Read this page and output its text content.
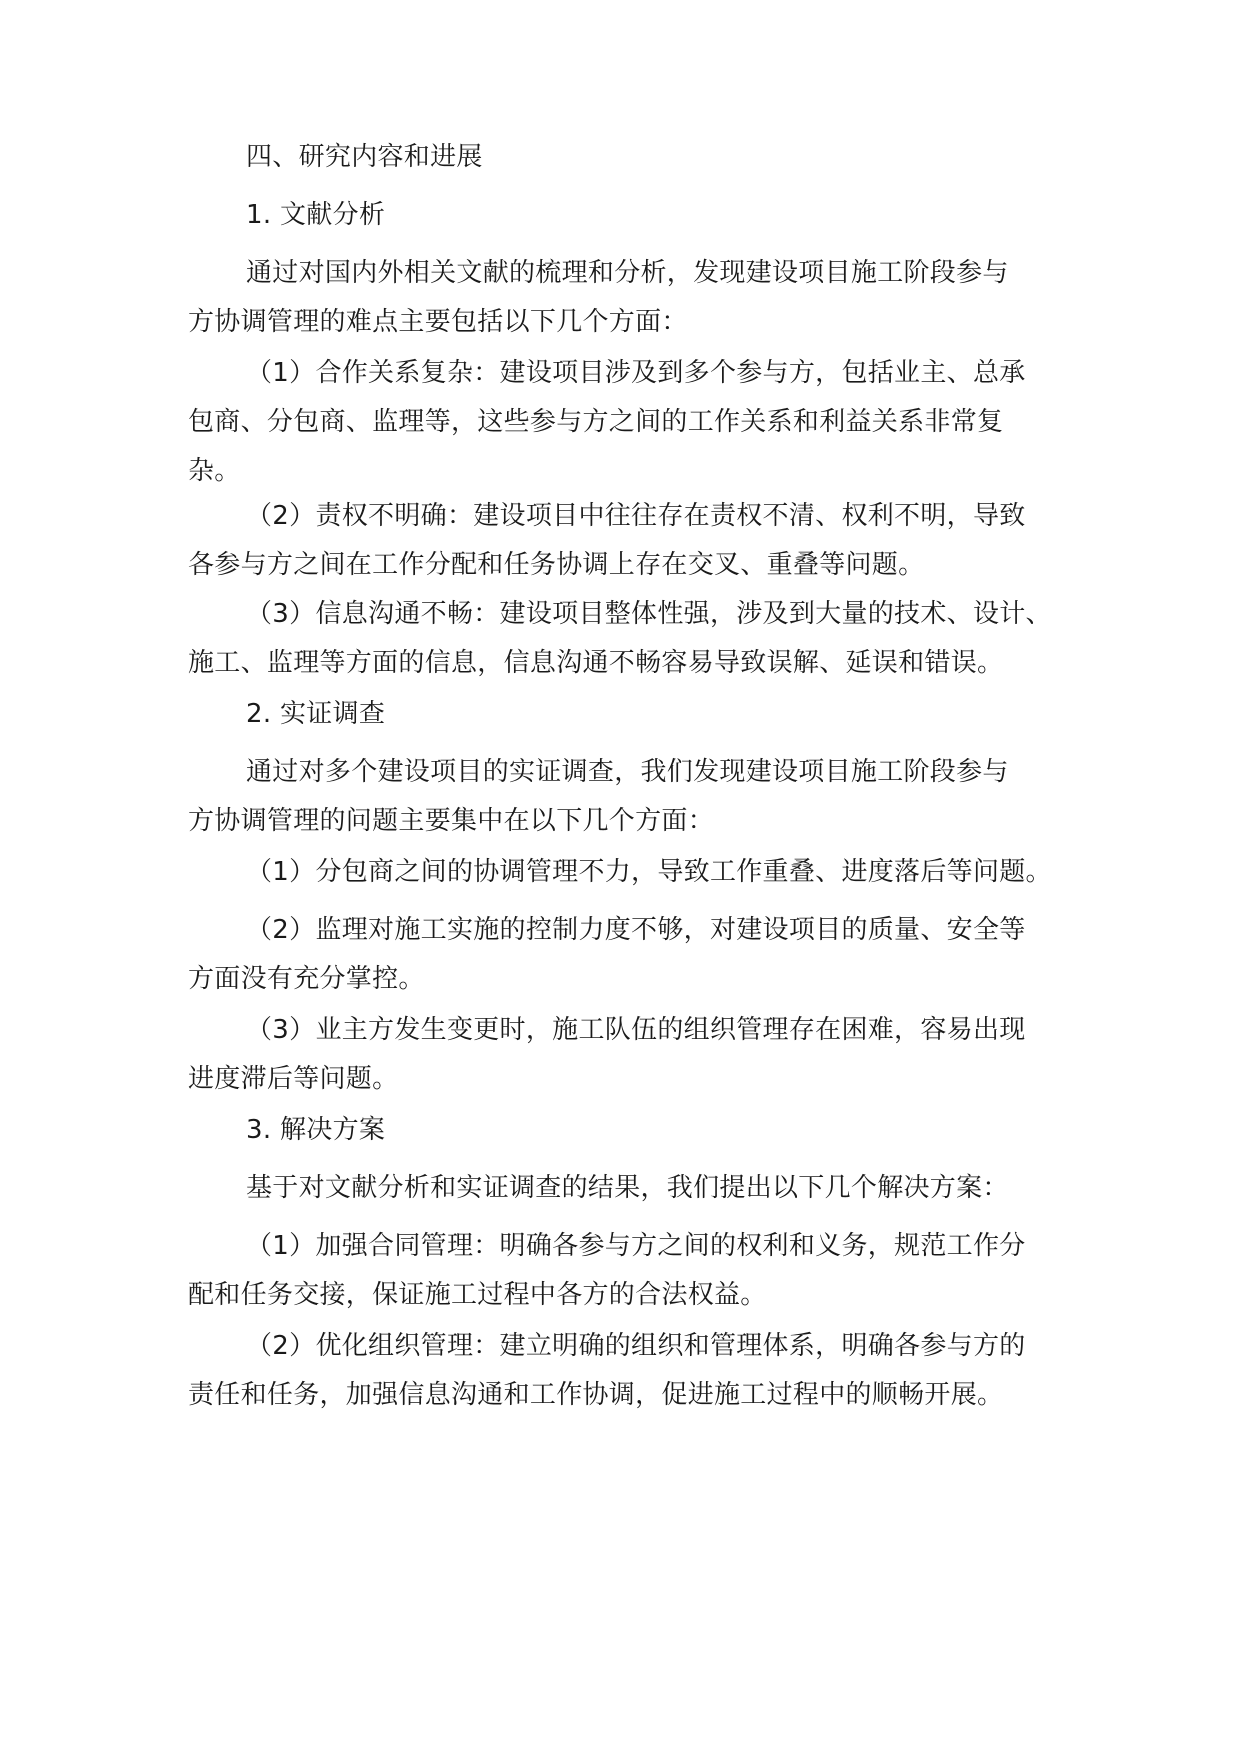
四、研究内容和进展

1. 文献分析

通过对国内外相关文献的梳理和分析，发现建设项目施工阶段参与
方协调管理的难点主要包括以下几个方面：

（1）合作关系复杂：建设项目涉及到多个参与方，包括业主、总承
包商、分包商、监理等，这些参与方之间的工作关系和利益关系非常复
杂。

（2）责权不明确：建设项目中往往存在责权不清、权利不明，导致
各参与方之间在工作分配和任务协调上存在交叉、重叠等问题。

（3）信息沟通不畅：建设项目整体性强，涉及到大量的技术、设计、
施工、监理等方面的信息，信息沟通不畅容易导致误解、延误和错误。

2. 实证调查

通过对多个建设项目的实证调查，我们发现建设项目施工阶段参与
方协调管理的问题主要集中在以下几个方面：

（1）分包商之间的协调管理不力，导致工作重叠、进度落后等问题。

（2）监理对施工实施的控制力度不够，对建设项目的质量、安全等
方面没有充分掌控。

（3）业主方发生变更时，施工队伍的组织管理存在困难，容易出现
进度滞后等问题。

3. 解决方案

基于对文献分析和实证调查的结果，我们提出以下几个解决方案：

（1）加强合同管理：明确各参与方之间的权利和义务，规范工作分
配和任务交接，保证施工过程中各方的合法权益。

（2）优化组织管理：建立明确的组织和管理体系，明确各参与方的
责任和任务，加强信息沟通和工作协调，促进施工过程中的顺畅开展。
